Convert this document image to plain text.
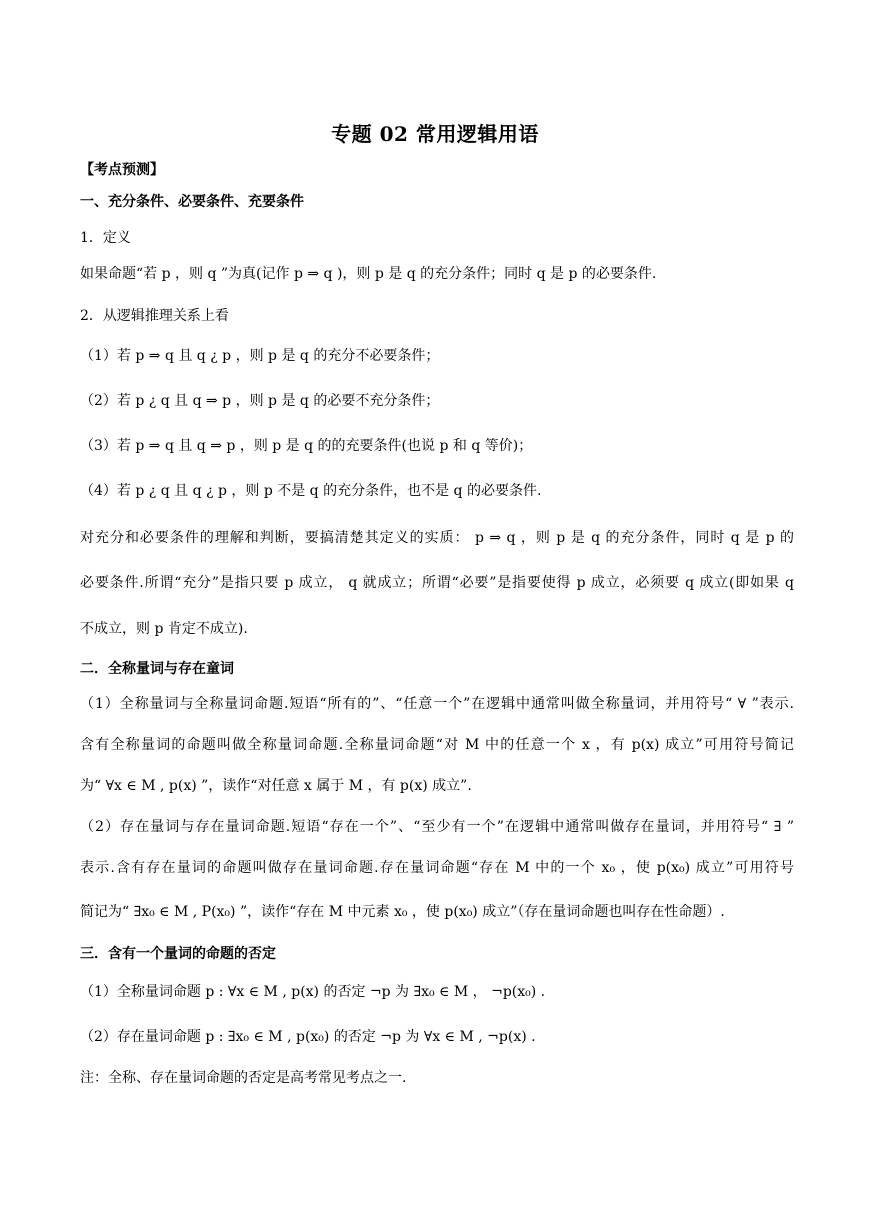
专题 02 常用逻辑用语
【考点预测】
一、充分条件、必要条件、充要条件
1．定义
如果命题“若 p ，则 q ”为真(记作 p ⇒ q )，则 p 是 q 的充分条件；同时 q 是 p 的必要条件.
2．从逻辑推理关系上看
（1）若 p ⇒ q 且 q ¿ p ，则 p 是 q 的充分不必要条件；
（2）若 p ¿ q 且 q ⇒ p ，则 p 是 q 的必要不充分条件；
（3）若 p ⇒ q 且 q ⇒ p ，则 p 是 q 的的充要条件(也说 p 和 q 等价)；
（4）若 p ¿ q 且 q ¿ p ，则 p 不是 q 的充分条件，也不是 q 的必要条件.
对充分和必要条件的理解和判断，要搞清楚其定义的实质： p ⇒ q ，则 p 是 q 的充分条件，同时 q 是 p 的
必要条件.所谓“充分”是指只要 p 成立， q 就成立；所谓“必要”是指要使得 p 成立，必须要 q 成立(即如果 q
不成立，则 p 肯定不成立).
二．全称量词与存在童词
（1）全称量词与全称量词命题.短语“所有的”、“任意一个”在逻辑中通常叫做全称量词，并用符号“ ∀ ”表示.
含有全称量词的命题叫做全称量词命题.全称量词命题“对 M 中的任意一个 x ，有 p(x) 成立”可用符号简记
为“ ∀x ∈ M , p(x) ”，读作“对任意 x 属于 M ，有 p(x) 成立”.
（2）存在量词与存在量词命题.短语“存在一个”、“至少有一个”在逻辑中通常叫做存在量词，并用符号“ ∃ ”
表示.含有存在量词的命题叫做存在量词命题.存在量词命题“存在 M 中的一个 x₀ ，使 p(x₀) 成立”可用符号
简记为“ ∃x₀ ∈ M , P(x₀) ”，读作“存在 M 中元素 x₀ ，使 p(x₀) 成立”（存在量词命题也叫存在性命题）.
三．含有一个量词的命题的否定
（1）全称量词命题 p : ∀x ∈ M , p(x) 的否定 ¬p 为 ∃x₀ ∈ M ， ¬p(x₀) .
（2）存在量词命题 p : ∃x₀ ∈ M , p(x₀) 的否定 ¬p 为 ∀x ∈ M , ¬p(x) .
注：全称、存在量词命题的否定是高考常见考点之一.
